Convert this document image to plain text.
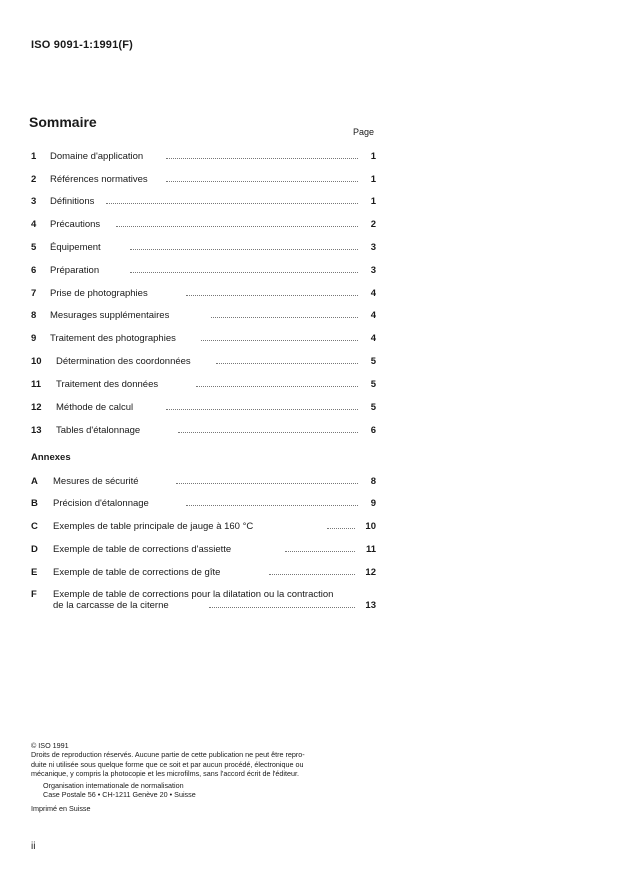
ISO 9091-1:1991(F)
Sommaire
Page
1 Domaine d'application	1
2 Références normatives	1
3 Définitions	1
4 Précautions	2
5 Équipement	3
6 Préparation	3
7 Prise de photographies	4
8 Mesurages supplémentaires	4
9 Traitement des photographies	4
10 Détermination des coordonnées	5
11 Traitement des données	5
12 Méthode de calcul	5
13 Tables d'étalonnage	6
Annexes
A Mesures de sécurité	8
B Précision d'étalonnage	9
C Exemples de table principale de jauge à 160 °C	10
D Exemple de table de corrections d'assiette	11
E Exemple de table de corrections de gîte	12
F Exemple de table de corrections pour la dilatation ou la contraction
de la carcasse de la citerne	13
© ISO 1991
Droits de reproduction réservés. Aucune partie de cette publication ne peut être repro-
duite ni utilisée sous quelque forme que ce soit et par aucun procédé, électronique ou
mécanique, y compris la photocopie et les microfilms, sans l'accord écrit de l'éditeur.
Organisation internationale de normalisation
Case Postale 56 • CH-1211 Genève 20 • Suisse
Imprimé en Suisse
ii
